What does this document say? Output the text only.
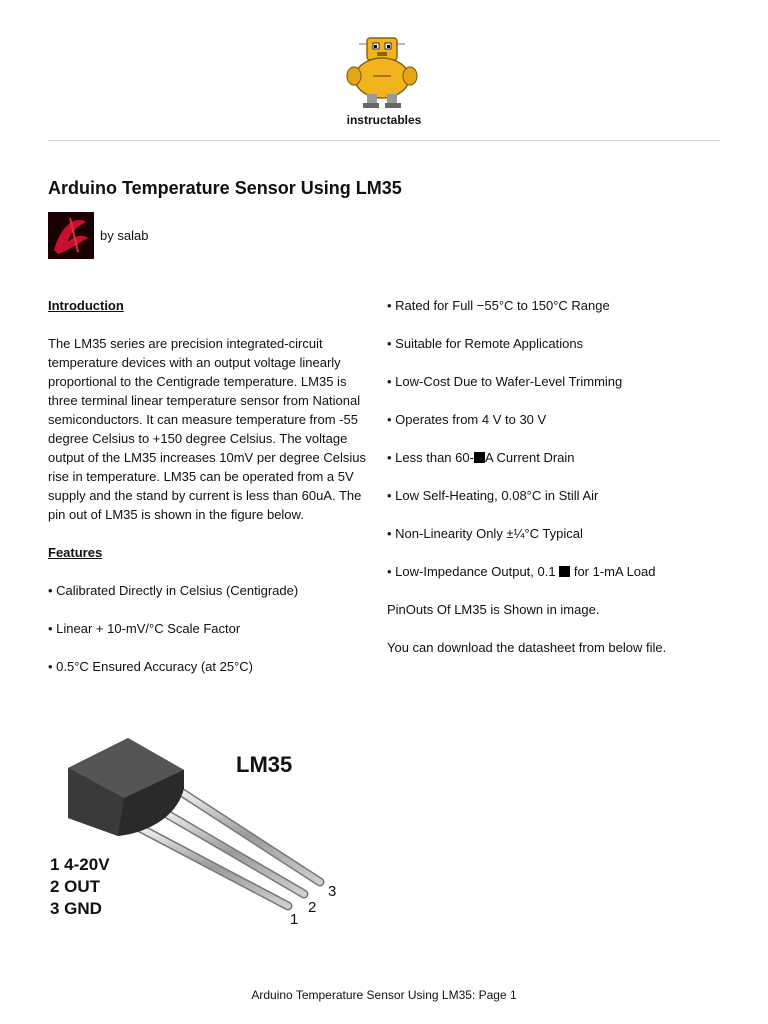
instructables
Arduino Temperature Sensor Using LM35
by salab

Introduction

The LM35 series are precision integrated-circuit temperature devices with an output voltage linearly proportional to the Centigrade temperature. LM35 is three terminal linear temperature sensor from National semiconductors. It can measure temperature from -55 degree Celsius to +150 degree Celsius. The voltage output of the LM35 increases 10mV per degree Celsius rise in temperature. LM35 can be operated from a 5V supply and the stand by current is less than 60uA. The pin out of LM35 is shown in the figure below.

Features

• Calibrated Directly in Celsius (Centigrade)

• Linear + 10-mV/°C Scale Factor

• 0.5°C Ensured Accuracy (at 25°C)

• Rated for Full −55°C to 150°C Range

• Suitable for Remote Applications

• Low-Cost Due to Wafer-Level Trimming

• Operates from 4 V to 30 V

• Less than 60- A Current Drain

• Low Self-Heating, 0.08°C in Still Air

• Non-Linearity Only ±¼°C Typical

• Low-Impedance Output, 0.1  for 1-mA Load

PinOuts Of LM35 is Shown in image.

You can download the datasheet from below file.

LM35
1 4-20V
2 OUT
3 GND
1
2
3
Arduino Temperature Sensor Using LM35: Page 1
